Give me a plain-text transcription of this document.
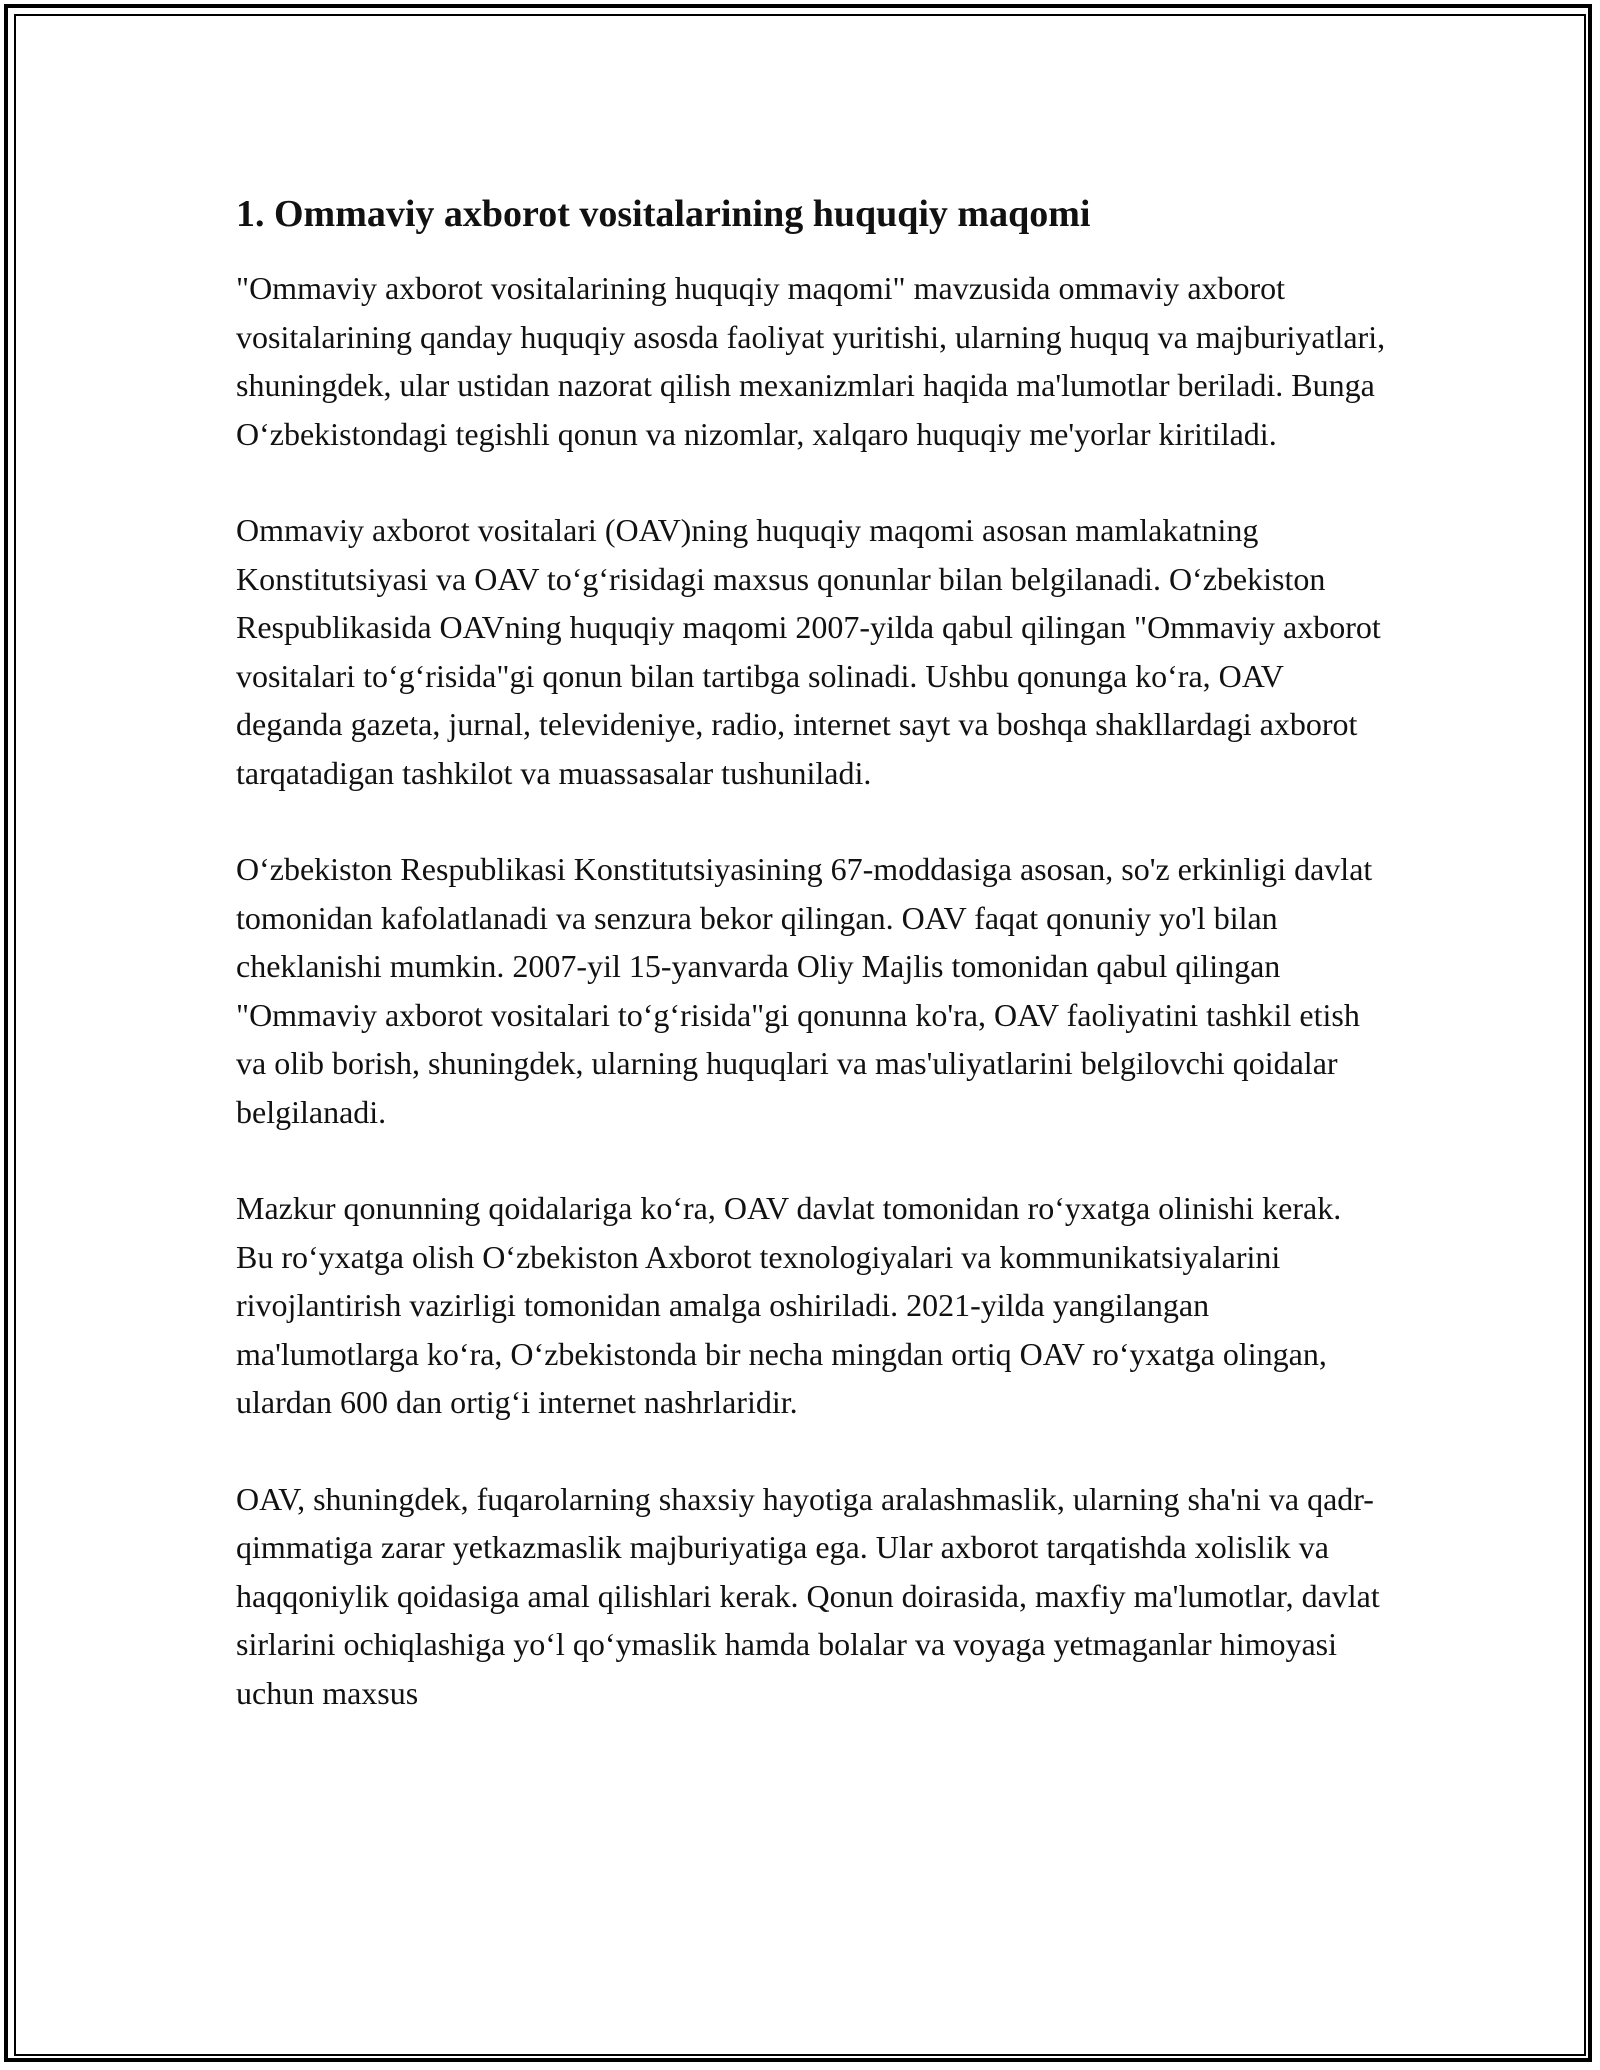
1. Ommaviy axborot vositalarining huquqiy maqomi

"Ommaviy axborot vositalarining huquqiy maqomi" mavzusida ommaviy axborot vositalarining qanday huquqiy asosda faoliyat yuritishi, ularning huquq va majburiyatlari, shuningdek, ular ustidan nazorat qilish mexanizmlari haqida ma'lumotlar beriladi. Bunga Oʻzbekistondagi tegishli qonun va nizomlar, xalqaro huquqiy me'yorlar kiritiladi.

Ommaviy axborot vositalari (OAV)ning huquqiy maqomi asosan mamlakatning Konstitutsiyasi va OAV toʻgʻrisidagi maxsus qonunlar bilan belgilanadi. Oʻzbekiston Respublikasida OAVning huquqiy maqomi 2007-yilda qabul qilingan "Ommaviy axborot vositalari toʻgʻrisida"gi qonun bilan tartibga solinadi. Ushbu qonunga koʻra, OAV deganda gazeta, jurnal, televideniye, radio, internet sayt va boshqa shakllardagi axborot tarqatadigan tashkilot va muassasalar tushuniladi.

Oʻzbekiston Respublikasi Konstitutsiyasining 67-moddasiga asosan, so'z erkinligi davlat tomonidan kafolatlanadi va senzura bekor qilingan. OAV faqat qonuniy yo'l bilan cheklanishi mumkin. 2007-yil 15-yanvarda Oliy Majlis tomonidan qabul qilingan "Ommaviy axborot vositalari toʻgʻrisida"gi qonunna ko'ra, OAV faoliyatini tashkil etish va olib borish, shuningdek, ularning huquqlari va mas'uliyatlarini belgilovchi qoidalar belgilanadi.

Mazkur qonunning qoidalariga koʻra, OAV davlat tomonidan roʻyxatga olinishi kerak. Bu roʻyxatga olish Oʻzbekiston Axborot texnologiyalari va kommunikatsiyalarini rivojlantirish vazirligi tomonidan amalga oshiriladi. 2021-yilda yangilangan ma'lumotlarga koʻra, Oʻzbekistonda bir necha mingdan ortiq OAV roʻyxatga olingan, ulardan 600 dan ortigʻi internet nashrlaridir.

OAV, shuningdek, fuqarolarning shaxsiy hayotiga aralashmaslik, ularning sha'ni va qadr-qimmatiga zarar yetkazmaslik majburiyatiga ega. Ular axborot tarqatishda xolislik va haqqoniylik qoidasiga amal qilishlari kerak. Qonun doirasida, maxfiy ma'lumotlar, davlat sirlarini ochiqlashiga yoʻl qoʻymaslik hamda bolalar va voyaga yetmaganlar himoyasi uchun maxsus
